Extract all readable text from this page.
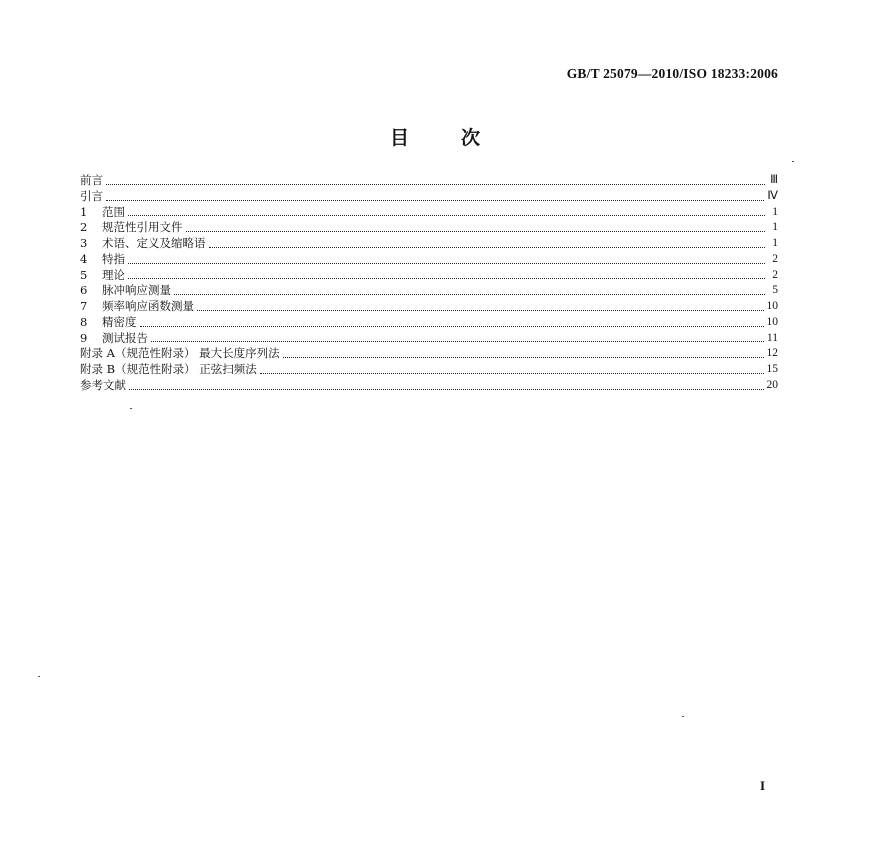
GB/T 25079—2010/ISO 18233:2006
目	次
前言	Ⅲ
引言	Ⅳ
1	范围	1
2	规范性引用文件	1
3	术语、定义及缩略语	1
4	特指	2
5	理论	2
6	脉冲响应测量	5
7	频率响应函数测量	10
8	精密度	10
9	测试报告	11
附录 A（规范性附录） 最大长度序列法	12
附录 B（规范性附录） 正弦扫频法	15
参考文献	20
I
